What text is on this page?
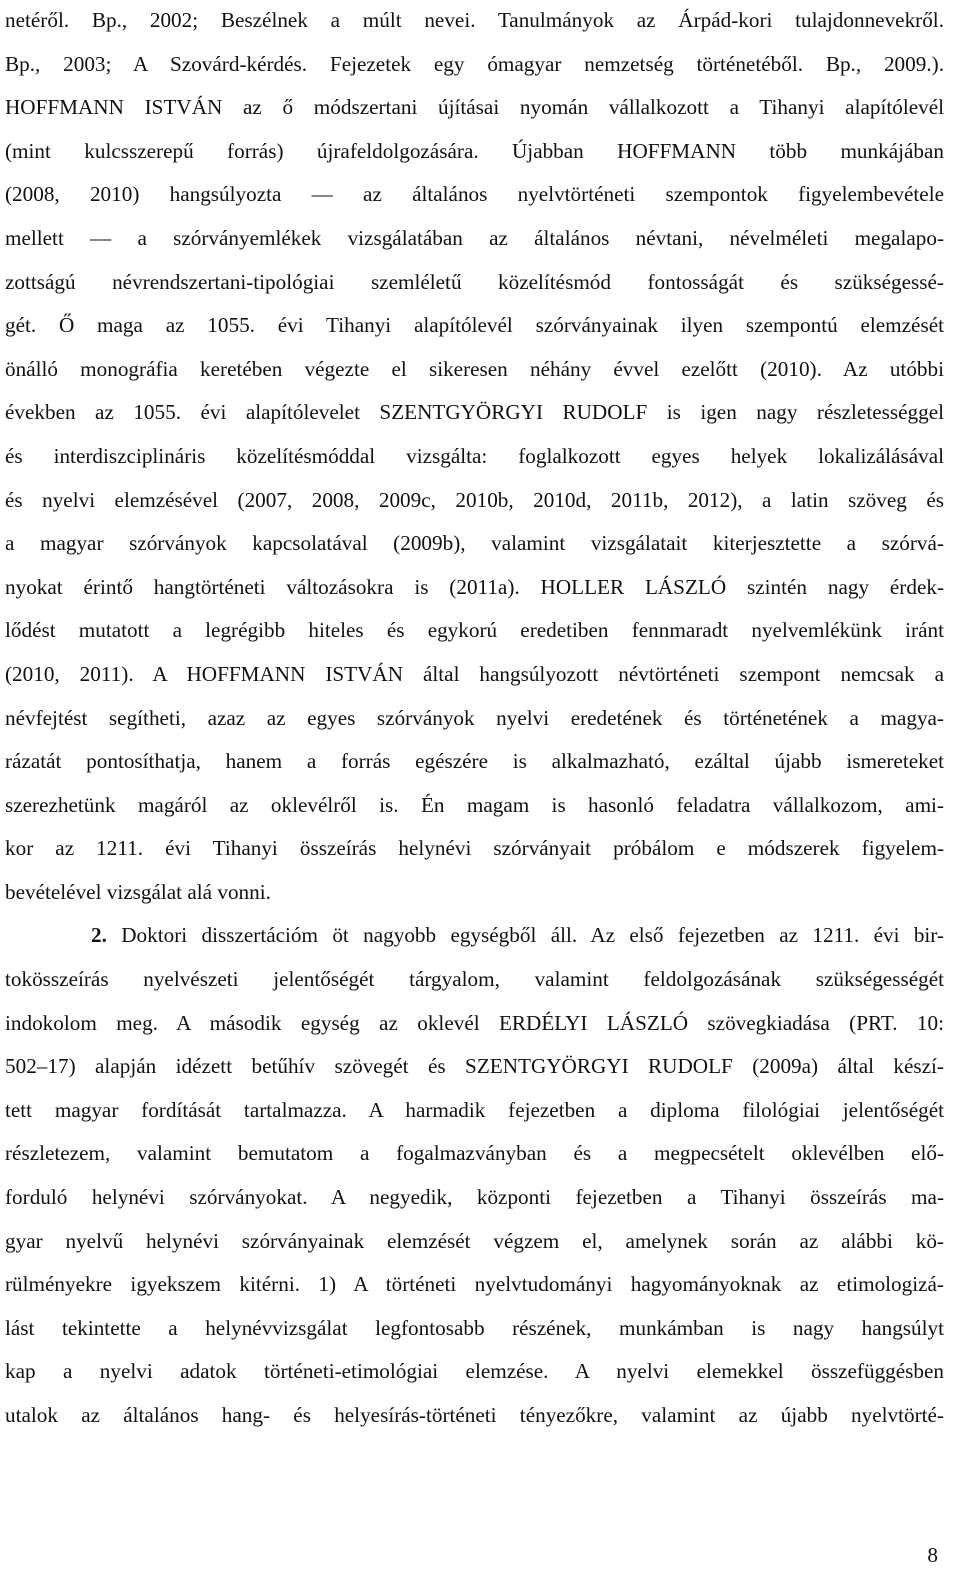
netéről. Bp., 2002; Beszélnek a múlt nevei. Tanulmányok az Árpád-kori tulajdonnevekről.
Bp., 2003; A Szovárd-kérdés. Fejezetek egy ómagyar nemzetség történetéből. Bp., 2009.).
HOFFMANN ISTVÁN az ő módszertani újításai nyomán vállalkozott a Tihanyi alapítólevél
(mint kulcsszerepű forrás) újrafeldolgozására. Újabban HOFFMANN több munkájában
(2008, 2010) hangsúlyozta — az általános nyelvtörténeti szempontok figyelembevétele
mellett — a szórványemlékek vizsgálatában az általános névtani, névelméleti megalapo-
zottságú névrendszertani-tipológiai szemléletű közelítésmód fontosságát és szükségessé-
gét. Ő maga az 1055. évi Tihanyi alapítólevél szórványainak ilyen szempontú elemzését
önálló monográfia keretében végezte el sikeresen néhány évvel ezelőtt (2010). Az utóbbi
években az 1055. évi alapítólevelet SZENTGYÖRGYI RUDOLF is igen nagy részletességgel
és interdiszciplináris közelítésmóddal vizsgálta: foglalkozott egyes helyek lokalizálásával
és nyelvi elemzésével (2007, 2008, 2009c, 2010b, 2010d, 2011b, 2012), a latin szöveg és
a magyar szórványok kapcsolatával (2009b), valamint vizsgálatait kiterjesztette a szórvá-
nyokat érintő hangtörténeti változásokra is (2011a). HOLLER LÁSZLÓ szintén nagy érdek-
lődést mutatott a legrégibb hiteles és egykorú eredetiben fennmaradt nyelvemlékünk iránt
(2010, 2011). A HOFFMANN ISTVÁN által hangsúlyozott névtörténeti szempont nemcsak a
névfejtést segítheti, azaz az egyes szórványok nyelvi eredetének és történetének a magya-
rázatát pontosíthatja, hanem a forrás egészére is alkalmazható, ezáltal újabb ismereteket
szerezhetünk magáról az oklevélről is. Én magam is hasonló feladatra vállalkozom, ami-
kor az 1211. évi Tihanyi összeírás helynévi szórványait próbálom e módszerek figyelem-
bevételével vizsgálat alá vonni.
2. Doktori disszertációm öt nagyobb egységből áll. Az első fejezetben az 1211. évi bir-
tokösszeírás nyelvészeti jelentőségét tárgyalom, valamint feldolgozásának szükségességét
indokolom meg. A második egység az oklevél ERDÉLYI LÁSZLÓ szövegkiadása (PRT. 10:
502–17) alapján idézett betűhív szövegét és SZENTGYÖRGYI RUDOLF (2009a) által készí-
tett magyar fordítását tartalmazza. A harmadik fejezetben a diploma filológiai jelentőségét
részletezem, valamint bemutatom a fogalmazványban és a megpecsételt oklevélben elő-
forduló helynévi szórványokat. A negyedik, központi fejezetben a Tihanyi összeírás ma-
gyar nyelvű helynévi szórványainak elemzését végzem el, amelynek során az alábbi kö-
rülményekre igyekszem kitérni. 1) A történeti nyelvtudományi hagyományoknak az etimologizá-
lást tekintette a helynévvizsgálat legfontosabb részének, munkámban is nagy hangsúlyt
kap a nyelvi adatok történeti-etimológiai elemzése. A nyelvi elemekkel összefüggésben
utalok az általános hang- és helyesírás-történeti tényezőkre, valamint az újabb nyelvtörté-
8
